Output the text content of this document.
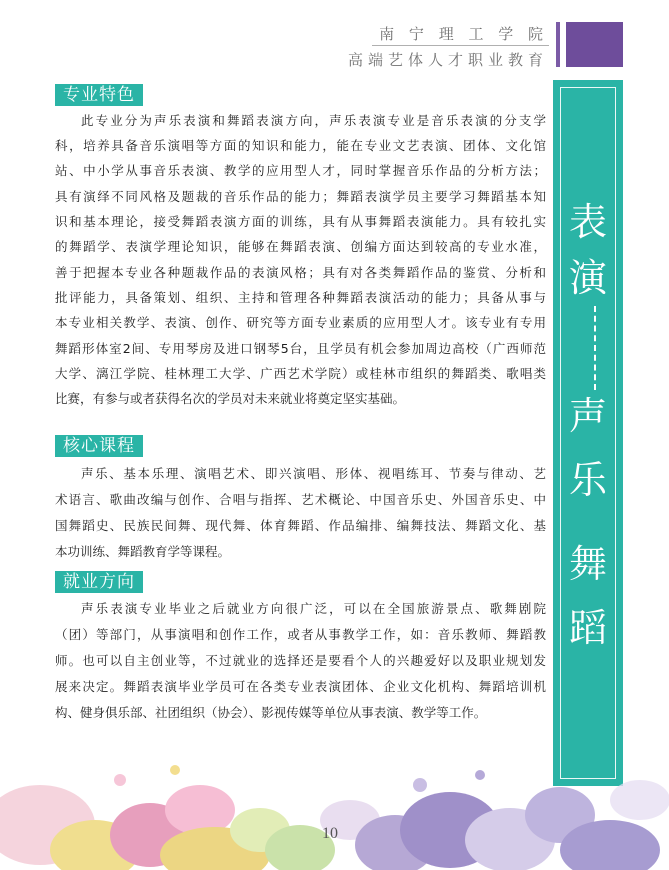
南 宁 理 工 学 院
高端艺体人才职业教育
表
演
声
乐
舞
蹈
专业特色
此专业分为声乐表演和舞蹈表演方向，声乐表演专业是音乐表演的分支学
科，培养具备音乐演唱等方面的知识和能力，能在专业文艺表演、团体、文化馆
站、中小学从事音乐表演、教学的应用型人才，同时掌握音乐作品的分析方法；
具有演绎不同风格及题裁的音乐作品的能力；舞蹈表演学员主要学习舞蹈基本知
识和基本理论，接受舞蹈表演方面的训练，具有从事舞蹈表演能力。具有较扎实
的舞蹈学、表演学理论知识，能够在舞蹈表演、创编方面达到较高的专业水准，
善于把握本专业各种题裁作品的表演风格；具有对各类舞蹈作品的鉴赏、分析和
批评能力，具备策划、组织、主持和管理各种舞蹈表演活动的能力；具备从事与
本专业相关教学、表演、创作、研究等方面专业素质的应用型人才。该专业有专用
舞蹈形体室2间、专用琴房及进口钢琴5台，且学员有机会参加周边高校（广西师范
大学、漓江学院、桂林理工大学、广西艺术学院）或桂林市组织的舞蹈类、歌唱类
比赛，有参与或者获得名次的学员对未来就业将奠定坚实基础。
核心课程
声乐、基本乐理、演唱艺术、即兴演唱、形体、视唱练耳、节奏与律动、艺
术语言、歌曲改编与创作、合唱与指挥、艺术概论、中国音乐史、外国音乐史、中
国舞蹈史、民族民间舞、现代舞、体育舞蹈、作品编排、编舞技法、舞蹈文化、基
本功训练、舞蹈教育学等课程。
就业方向
声乐表演专业毕业之后就业方向很广泛，可以在全国旅游景点、歌舞剧院
（团）等部门，从事演唱和创作工作，或者从事教学工作，如：音乐教师、舞蹈教
师。也可以自主创业等，不过就业的选择还是要看个人的兴趣爱好以及职业规划发
展来决定。舞蹈表演毕业学员可在各类专业表演团体、企业文化机构、舞蹈培训机
构、健身俱乐部、社团组织（协会）、影视传媒等单位从事表演、教学等工作。
10
